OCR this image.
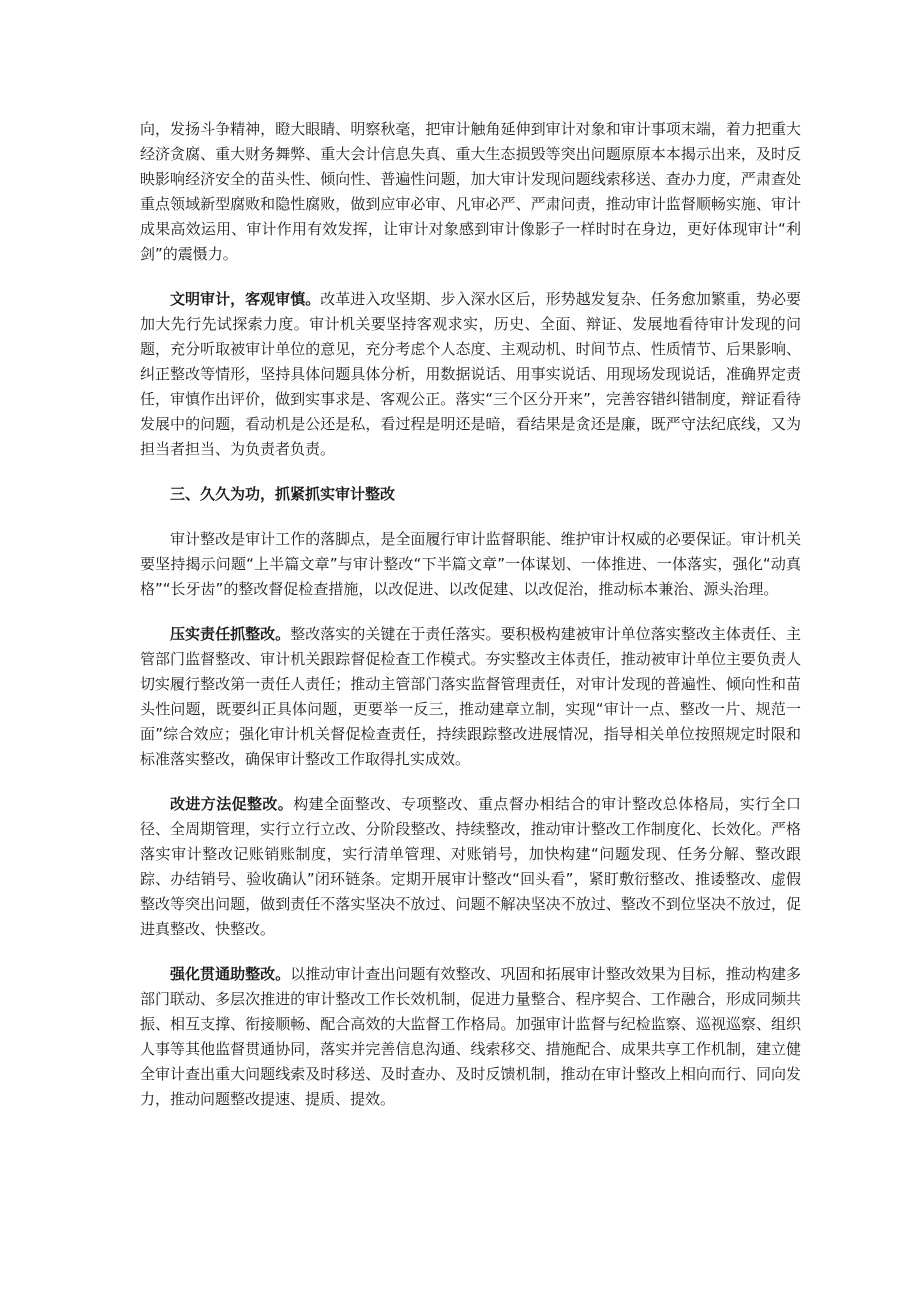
向，发扬斗争精神，瞪大眼睛、明察秋毫，把审计触角延伸到审计对象和审计事项末端，着力把重大经济贪腐、重大财务舞弊、重大会计信息失真、重大生态损毁等突出问题原原本本揭示出来，及时反映影响经济安全的苗头性、倾向性、普遍性问题，加大审计发现问题线索移送、查办力度，严肃查处重点领域新型腐败和隐性腐败，做到应审必审、凡审必严、严肃问责，推动审计监督顺畅实施、审计成果高效运用、审计作用有效发挥，让审计对象感到审计像影子一样时时在身边，更好体现审计“利剑”的震慑力。

文明审计，客观审慎。改革进入攻坚期、步入深水区后，形势越发复杂、任务愈加繁重，势必要加大先行先试探索力度。审计机关要坚持客观求实，历史、全面、辩证、发展地看待审计发现的问题，充分听取被审计单位的意见，充分考虑个人态度、主观动机、时间节点、性质情节、后果影响、纠正整改等情形，坚持具体问题具体分析，用数据说话、用事实说话、用现场发现说话，准确界定责任，审慎作出评价，做到实事求是、客观公正。落实“三个区分开来”，完善容错纠错制度，辩证看待发展中的问题，看动机是公还是私，看过程是明还是暗，看结果是贪还是廉，既严守法纪底线，又为担当者担当、为负责者负责。

三、久久为功，抓紧抓实审计整改

审计整改是审计工作的落脚点，是全面履行审计监督职能、维护审计权威的必要保证。审计机关要坚持揭示问题“上半篇文章”与审计整改“下半篇文章”一体谋划、一体推进、一体落实，强化“动真格”“长牙齿”的整改督促检查措施，以改促进、以改促建、以改促治，推动标本兼治、源头治理。

压实责任抓整改。整改落实的关键在于责任落实。要积极构建被审计单位落实整改主体责任、主管部门监督整改、审计机关跟踪督促检查工作模式。夯实整改主体责任，推动被审计单位主要负责人切实履行整改第一责任人责任；推动主管部门落实监督管理责任，对审计发现的普遍性、倾向性和苗头性问题，既要纠正具体问题，更要举一反三，推动建章立制，实现“审计一点、整改一片、规范一面”综合效应；强化审计机关督促检查责任，持续跟踪整改进展情况，指导相关单位按照规定时限和标准落实整改，确保审计整改工作取得扎实成效。

改进方法促整改。构建全面整改、专项整改、重点督办相结合的审计整改总体格局，实行全口径、全周期管理，实行立行立改、分阶段整改、持续整改，推动审计整改工作制度化、长效化。严格落实审计整改记账销账制度，实行清单管理、对账销号，加快构建“问题发现、任务分解、整改跟踪、办结销号、验收确认”闭环链条。定期开展审计整改“回头看”，紧盯敷衍整改、推诿整改、虚假整改等突出问题，做到责任不落实坚决不放过、问题不解决坚决不放过、整改不到位坚决不放过，促进真整改、快整改。

强化贯通助整改。以推动审计查出问题有效整改、巩固和拓展审计整改效果为目标，推动构建多部门联动、多层次推进的审计整改工作长效机制，促进力量整合、程序契合、工作融合，形成同频共振、相互支撑、衔接顺畅、配合高效的大监督工作格局。加强审计监督与纪检监察、巡视巡察、组织人事等其他监督贯通协同，落实并完善信息沟通、线索移交、措施配合、成果共享工作机制，建立健全审计查出重大问题线索及时移送、及时查办、及时反馈机制，推动在审计整改上相向而行、同向发力，推动问题整改提速、提质、提效。
